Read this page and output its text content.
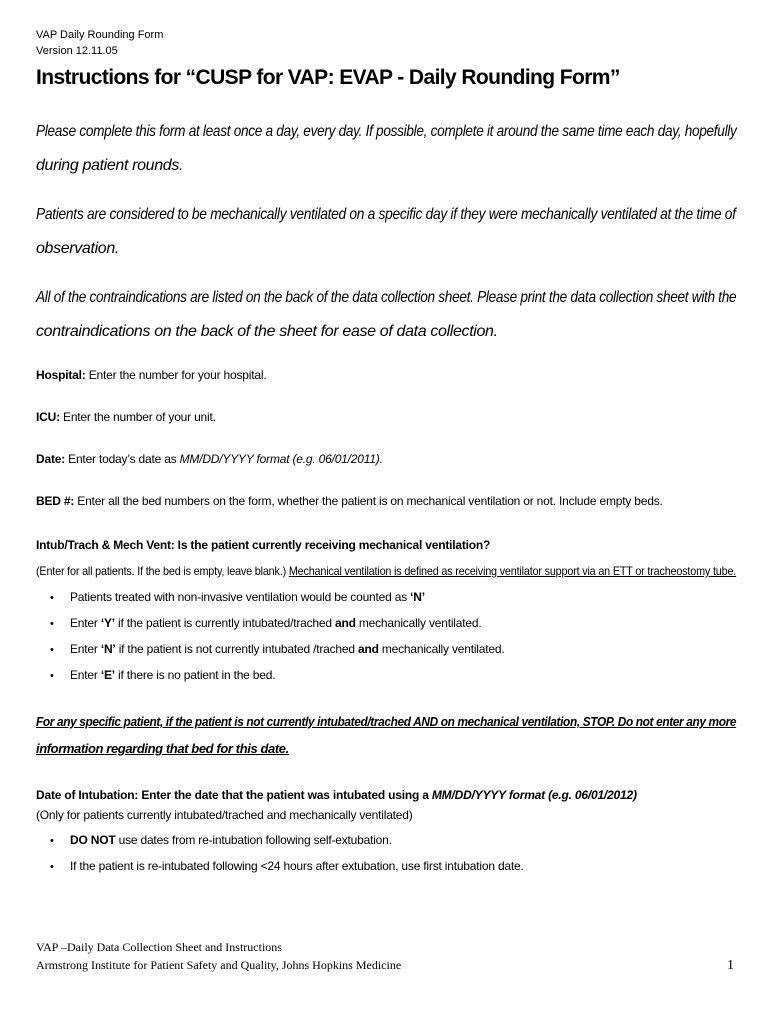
VAP Daily Rounding Form
Version 12.11.05
Instructions for “CUSP for VAP: EVAP - Daily Rounding Form”
Please complete this form at least once a day, every day. If possible, complete it around the same time each day, hopefully
during patient rounds.
Patients are considered to be mechanically ventilated on a specific day if they were mechanically ventilated at the time of
observation.
All of the contraindications are listed on the back of the data collection sheet. Please print the data collection sheet with the
contraindications on the back of the sheet for ease of data collection.
Hospital: Enter the number for your hospital.
ICU: Enter the number of your unit.
Date: Enter today’s date as MM/DD/YYYY format (e.g. 06/01/2011).
BED #: Enter all the bed numbers on the form, whether the patient is on mechanical ventilation or not. Include empty beds.
Intub/Trach & Mech Vent: Is the patient currently receiving mechanical ventilation?
(Enter for all patients. If the bed is empty, leave blank.) Mechanical ventilation is defined as receiving ventilator support via an ETT or tracheostomy tube.
• Patients treated with non-invasive ventilation would be counted as ‘N’
• Enter ‘Y’ if the patient is currently intubated/trached and mechanically ventilated.
• Enter ‘N’ if the patient is not currently intubated /trached and mechanically ventilated.
• Enter ‘E’ if there is no patient in the bed.
For any specific patient, if the patient is not currently intubated/trached AND on mechanical ventilation, STOP. Do not enter any more
information regarding that bed for this date.
Date of Intubation: Enter the date that the patient was intubated using a MM/DD/YYYY format (e.g. 06/01/2012)
(Only for patients currently intubated/trached and mechanically ventilated)
• DO NOT use dates from re-intubation following self-extubation.
• If the patient is re-intubated following <24 hours after extubation, use first intubation date.
VAP –Daily Data Collection Sheet and Instructions
Armstrong Institute for Patient Safety and Quality, Johns Hopkins Medicine	1
